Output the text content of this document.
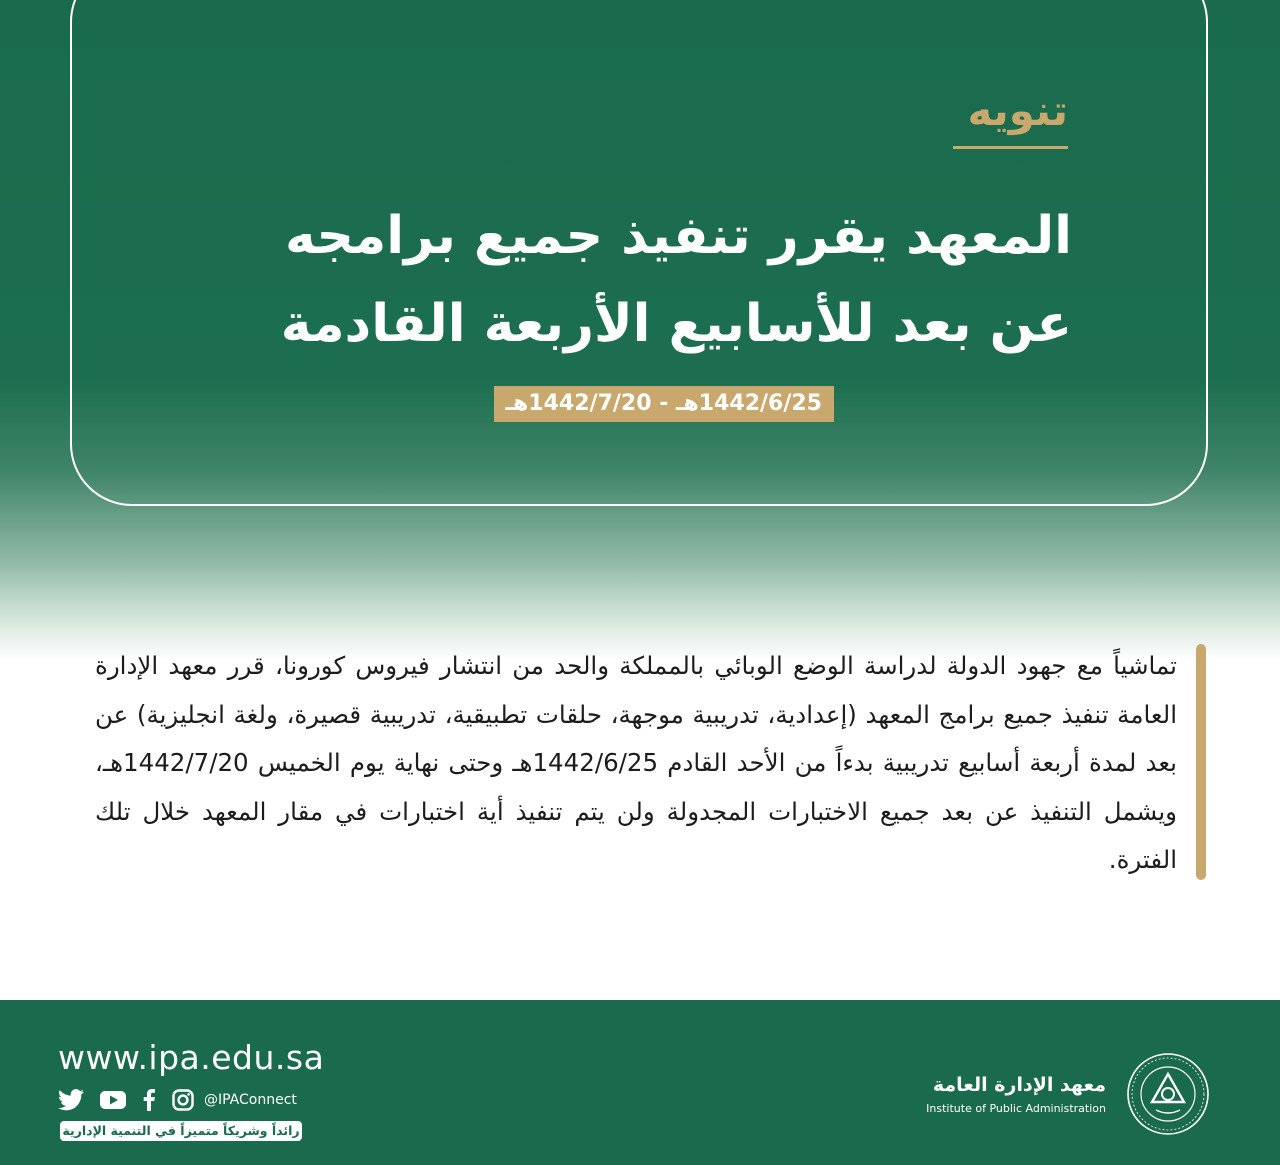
تنويه
المعهد يقرر تنفيذ جميع برامجه
عن بعد للأسابيع الأربعة القادمة
1442/6/25هـ - 1442/7/20هـ
تماشياً مع جهود الدولة لدراسة الوضع الوبائي بالمملكة والحد من انتشار فيروس كورونا، قرر معهد الإدارة العامة تنفيذ جميع برامج المعهد (إعدادية، تدريبية موجهة، حلقات تطبيقية، تدريبية قصيرة، ولغة انجليزية) عن بعد لمدة أربعة أسابيع تدريبية بدءاً من الأحد القادم 1442/6/25هـ وحتى نهاية يوم الخميس 1442/7/20هـ، ويشمل التنفيذ عن بعد جميع الاختبارات المجدولة ولن يتم تنفيذ أية اختبارات في مقار المعهد خلال تلك الفترة.
www.ipa.edu.sa
@IPAConnect
رائداً وشريكاً متميزاً في التنمية الإدارية
معهد الإدارة العامة
Institute of Public Administration
